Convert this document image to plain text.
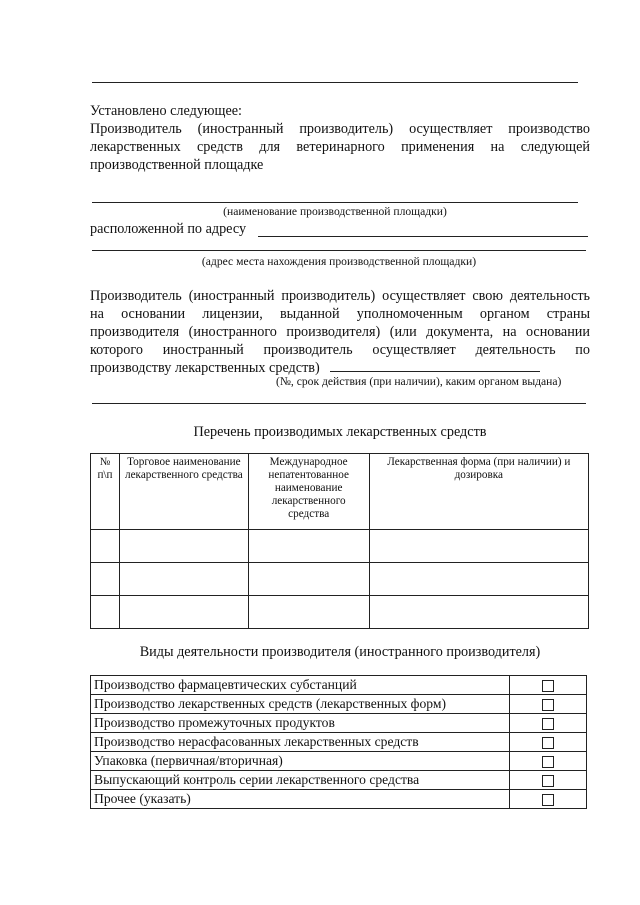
Установлено следующее:
Производитель (иностранный производитель) осуществляет производство
лекарственных средств для ветеринарного применения на следующей
производственной площадке
(наименование производственной площадки)
расположенной по адресу
(адрес места нахождения производственной площадки)
Производитель (иностранный производитель) осуществляет свою деятельность
на основании лицензии, выданной уполномоченным органом страны
производителя (иностранного производителя) (или документа, на основании
которого иностранный производитель осуществляет деятельность по
производству лекарственных средств)
(№, срок действия (при наличии), каким органом выдана)
Перечень производимых лекарственных средств
№ п\п	Торговое наименование лекарственного средства	Международное непатентованное наименование лекарственного средства	Лекарственная форма (при наличии) и дозировка

Виды деятельности производителя (иностранного производителя)
Производство фармацевтических субстанций	
Производство лекарственных средств (лекарственных форм)	
Производство промежуточных продуктов	
Производство нерасфасованных лекарственных средств	
Упаковка (первичная/вторичная)	
Выпускающий контроль серии лекарственного средства	
Прочее (указать)	
